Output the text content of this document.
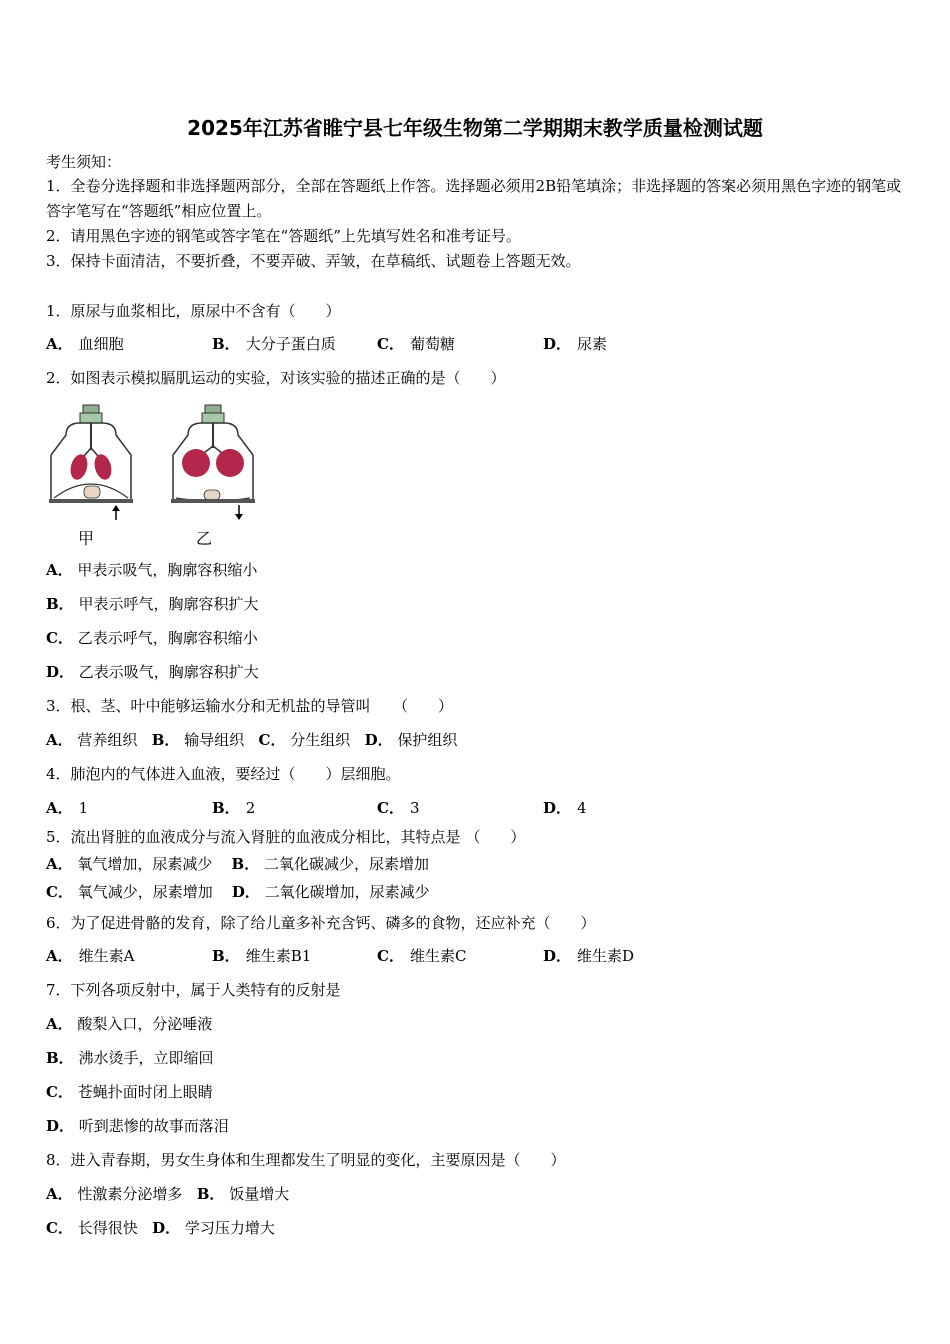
2025年江苏省睢宁县七年级生物第二学期期末教学质量检测试题
考生须知：
1．全卷分选择题和非选择题两部分，全部在答题纸上作答。选择题必须用2B铅笔填涂；非选择题的答案必须用黑色字迹的钢笔或答字笔写在“答题纸”相应位置上。
2．请用黑色字迹的钢笔或答字笔在“答题纸”上先填写姓名和准考证号。
3．保持卡面清洁，不要折叠，不要弄破、弄皱，在草稿纸、试题卷上答题无效。
1．原尿与血浆相比，原尿中不含有（　　）
A． 血细胞	B． 大分子蛋白质	C． 葡萄糖	D． 尿素
2．如图表示模拟膈肌运动的实验，对该实验的描述正确的是（　　）
甲	乙
A． 甲表示吸气，胸廓容积缩小
B． 甲表示呼气，胸廓容积扩大
C． 乙表示呼气，胸廓容积缩小
D． 乙表示吸气，胸廓容积扩大
3．根、茎、叶中能够运输水分和无机盐的导管叫　　（　　）
A． 营养组织 B． 输导组织 C． 分生组织 D． 保护组织
4．肺泡内的气体进入血液，要经过（　　）层细胞。
A． 1	B． 2	C． 3	D． 4
5．流出肾脏的血液成分与流入肾脏的血液成分相比，其特点是 （　　）
A． 氧气增加，尿素减少 B． 二氧化碳减少，尿素增加
C． 氧气减少，尿素增加 D． 二氧化碳增加，尿素减少
6．为了促进骨骼的发育，除了给儿童多补充含钙、磷多的食物，还应补充（　　）
A． 维生素A	B． 维生素B1	C． 维生素C	D． 维生素D
7．下列各项反射中，属于人类特有的反射是
A． 酸梨入口，分泌唾液
B． 沸水烫手，立即缩回
C． 苍蝇扑面时闭上眼睛
D． 听到悲惨的故事而落泪
8．进入青春期，男女生身体和生理都发生了明显的变化，主要原因是（　　）
A． 性激素分泌增多 B． 饭量增大
C． 长得很快 D． 学习压力增大
